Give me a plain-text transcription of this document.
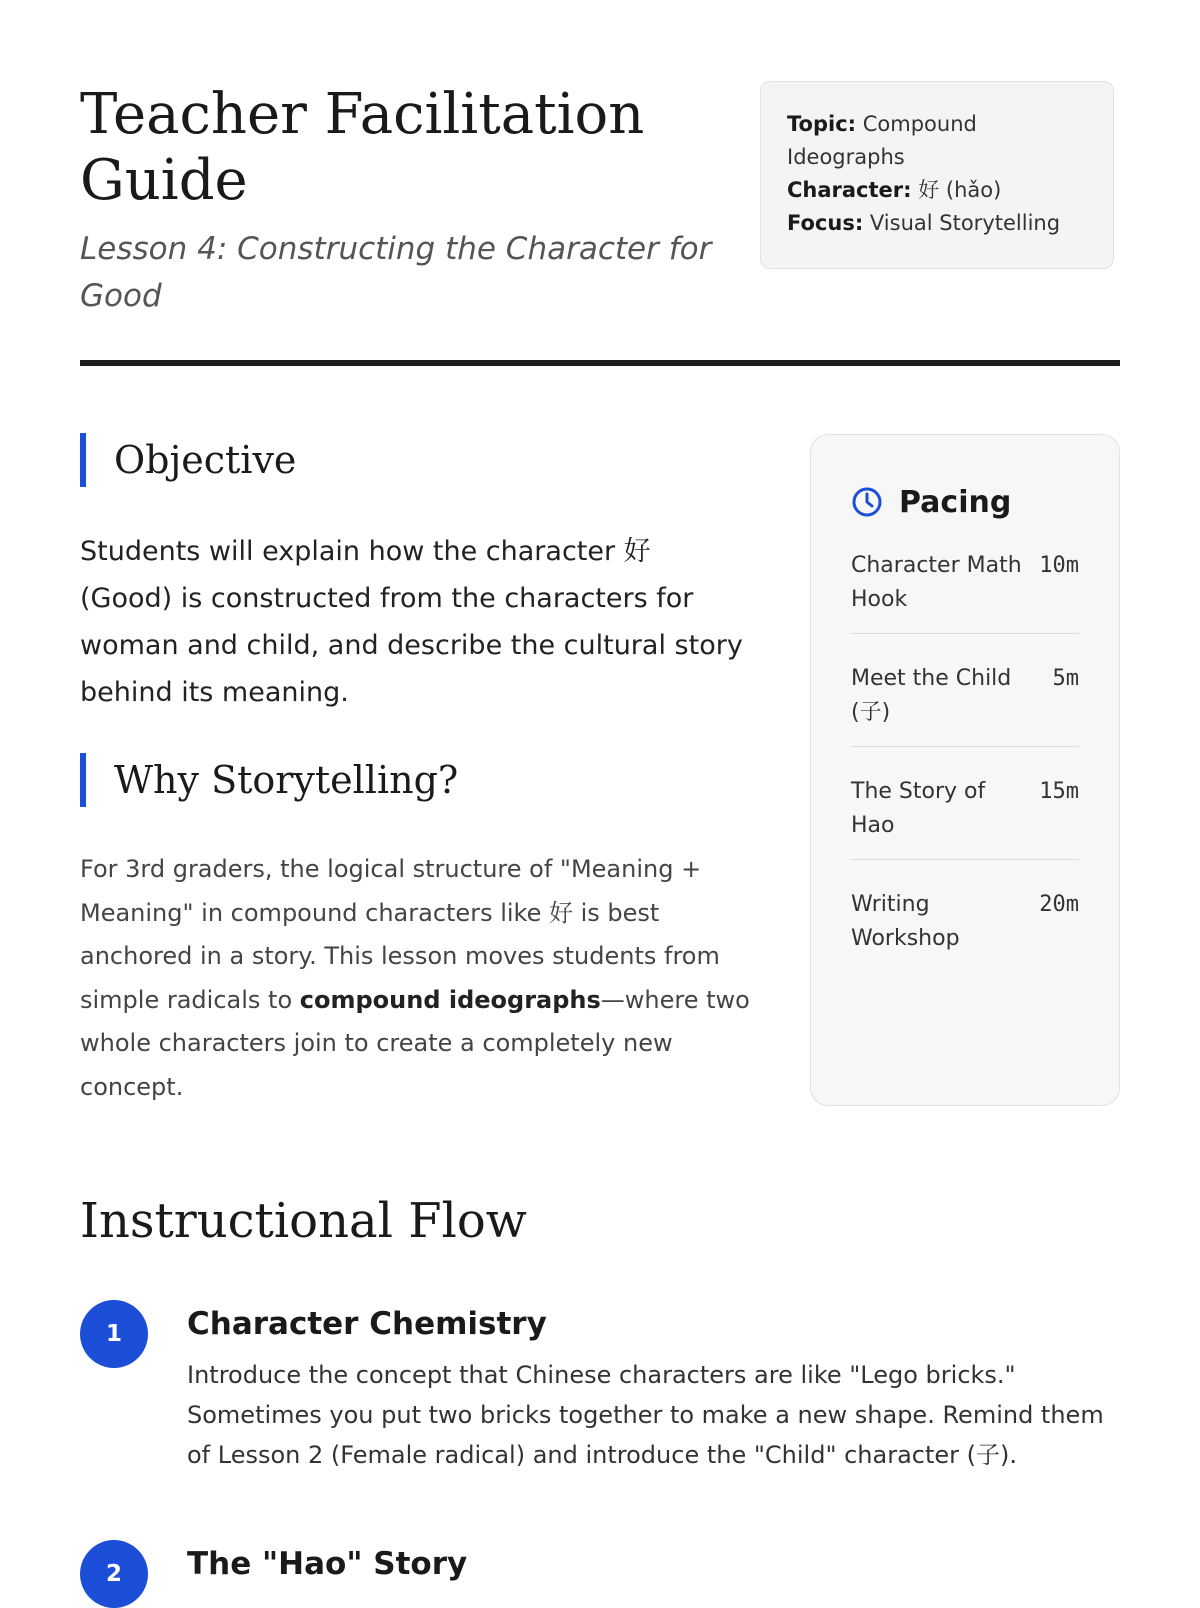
Teacher Facilitation Guide

Lesson 4: Constructing the Character for Good

Topic: Compound Ideographs
Character: 好 (hǎo)
Focus: Visual Storytelling
Objective

Students will explain how the character 好 (Good) is constructed from the characters for woman and child, and describe the cultural story behind its meaning.

Why Storytelling?

For 3rd graders, the logical structure of "Meaning + Meaning" in compound characters like 好 is best anchored in a story. This lesson moves students from simple radicals to compound ideographs—where two whole characters join to create a completely new concept.

Pacing
Character Math Hook
10m
Meet the Child (子)
5m
The Story of Hao
15m
Writing Workshop
20m
Instructional Flow
1	Character Chemistry

Introduce the concept that Chinese characters are like "Lego bricks." Sometimes you put two bricks together to make a new shape. Remind them of Lesson 2 (Female radical) and introduce the "Child" character (子).

2	The "Hao" Story
